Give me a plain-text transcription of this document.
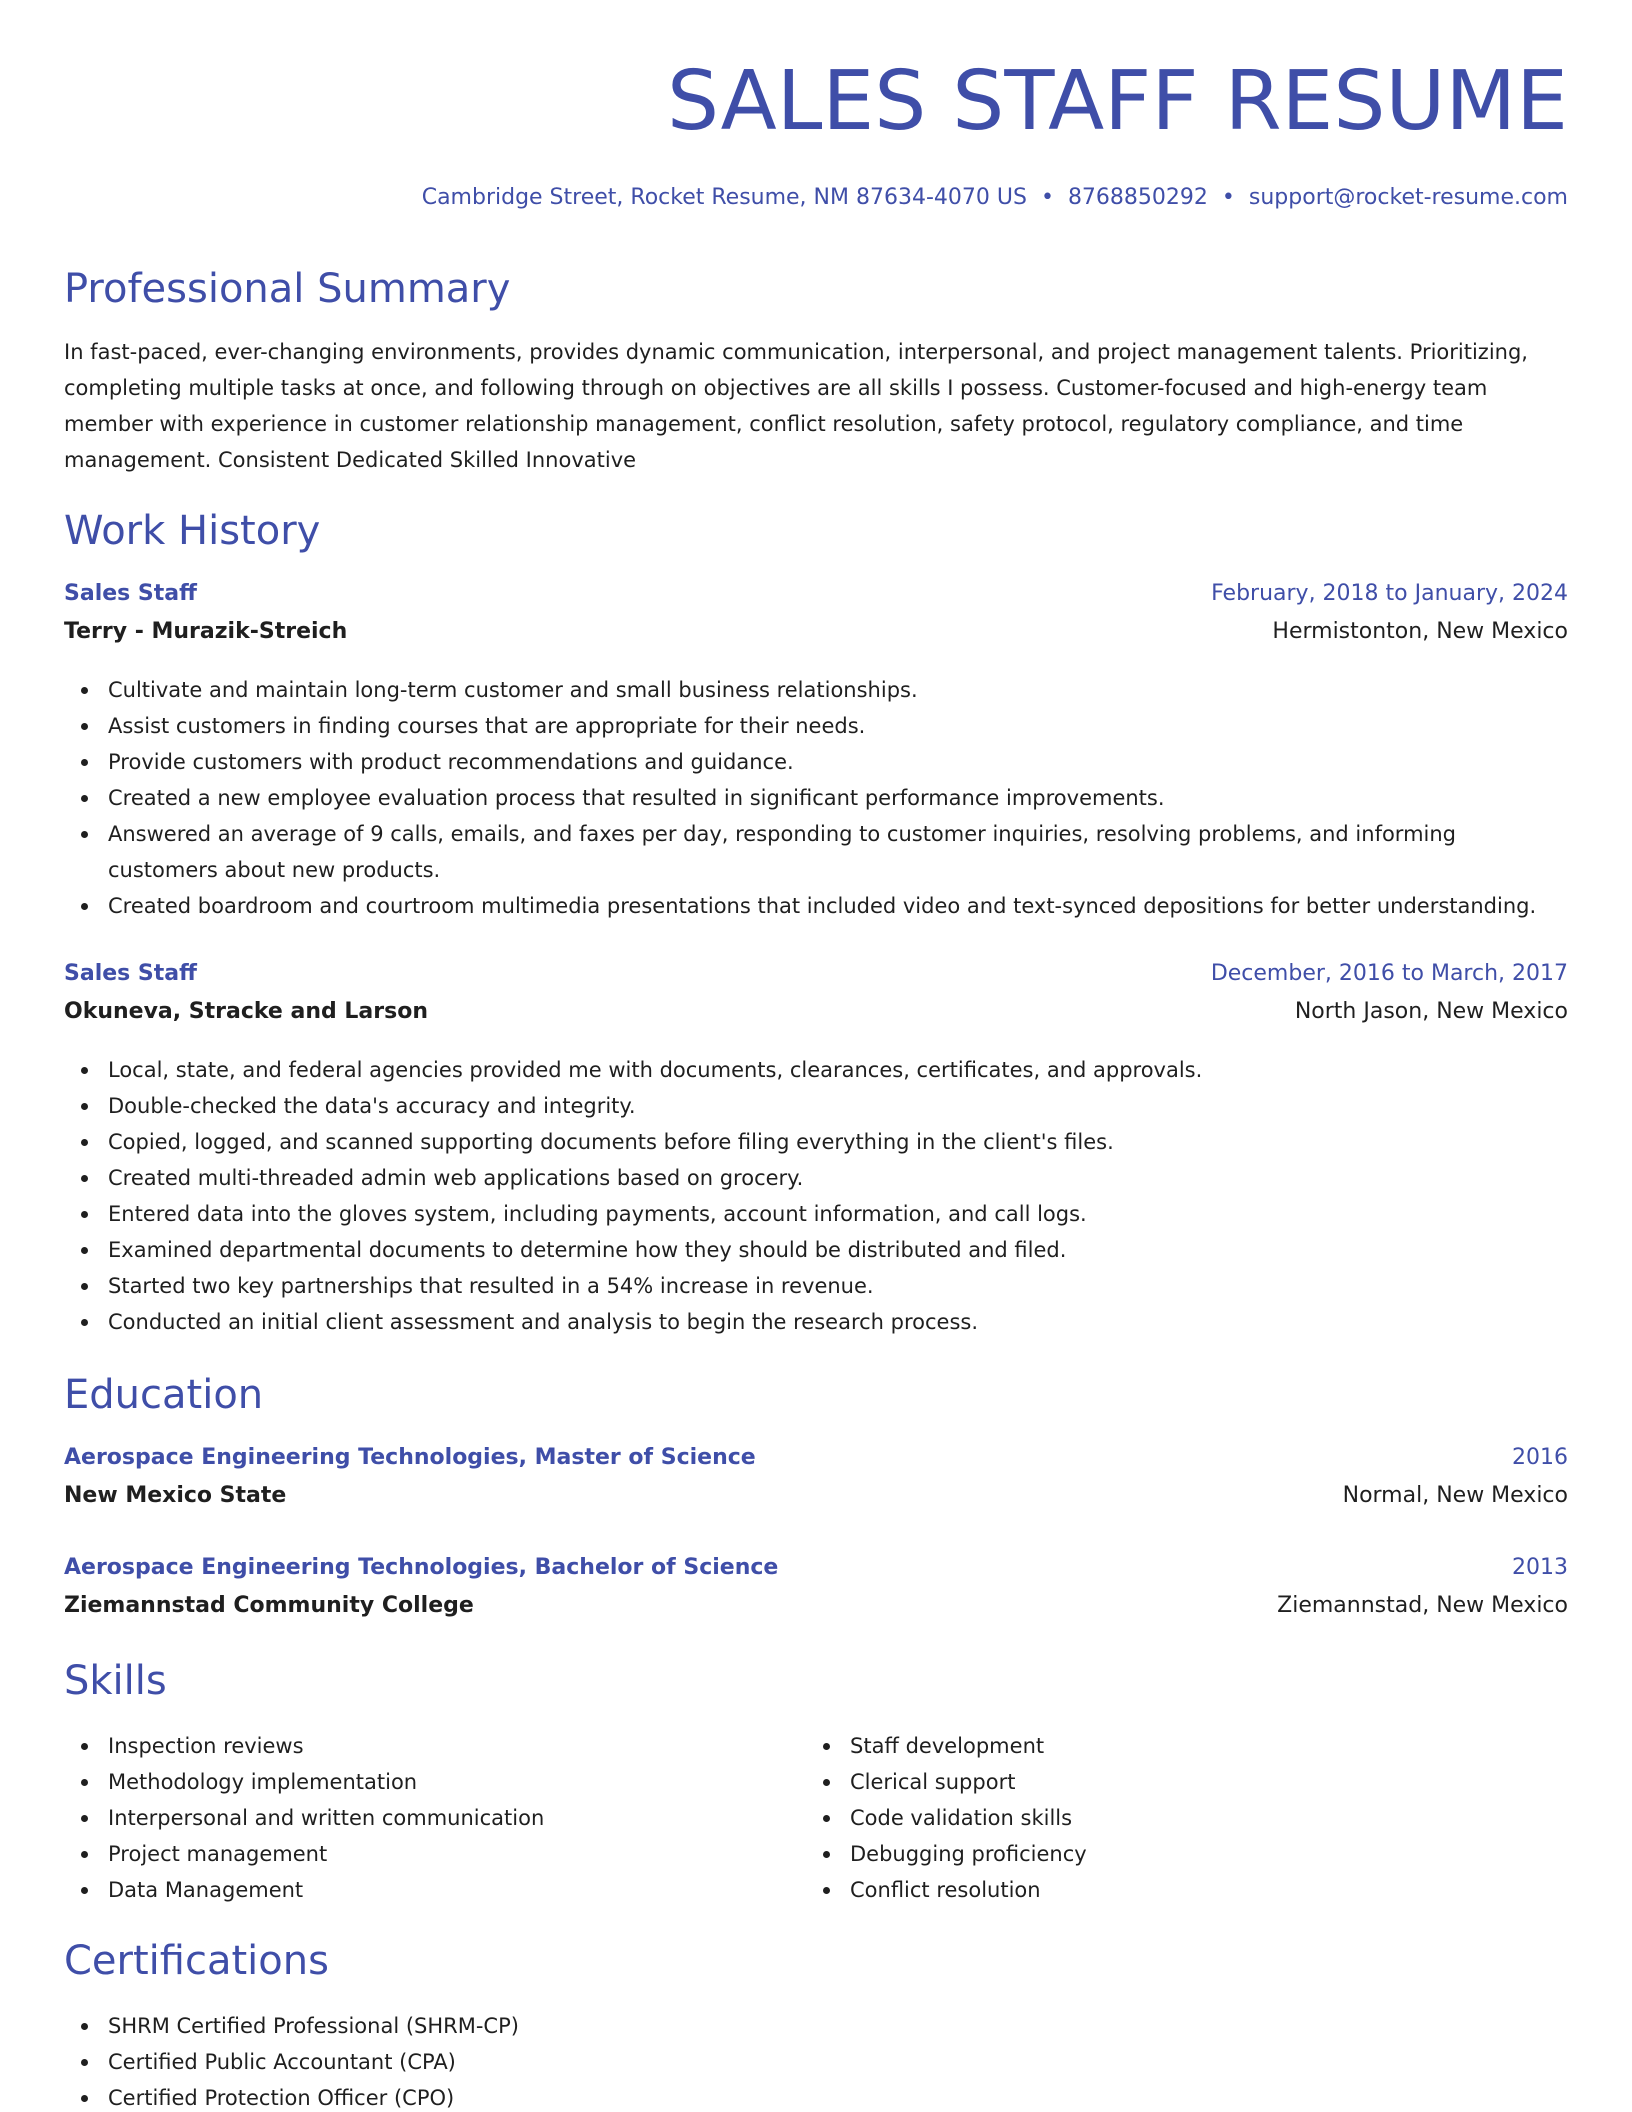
SALES STAFF RESUME
Cambridge Street, Rocket Resume, NM 87634-4070 US • 8768850292 • support@rocket-resume.com
Professional Summary

In fast-paced, ever-changing environments, provides dynamic communication, interpersonal, and project management talents. Prioritizing, completing multiple tasks at once, and following through on objectives are all skills I possess. Customer-focused and high-energy team member with experience in customer relationship management, conflict resolution, safety protocol, regulatory compliance, and time management. Consistent Dedicated Skilled Innovative

Work History
Sales Staff	February, 2018 to January, 2024
Terry - Murazik-Streich	Hermistonton, New Mexico
Cultivate and maintain long-term customer and small business relationships.
Assist customers in finding courses that are appropriate for their needs.
Provide customers with product recommendations and guidance.
Created a new employee evaluation process that resulted in significant performance improvements.
Answered an average of 9 calls, emails, and faxes per day, responding to customer inquiries, resolving problems, and informing customers about new products.
Created boardroom and courtroom multimedia presentations that included video and text-synced depositions for better understanding.
Sales Staff	December, 2016 to March, 2017
Okuneva, Stracke and Larson	North Jason, New Mexico
Local, state, and federal agencies provided me with documents, clearances, certificates, and approvals.
Double-checked the data's accuracy and integrity.
Copied, logged, and scanned supporting documents before filing everything in the client's files.
Created multi-threaded admin web applications based on grocery.
Entered data into the gloves system, including payments, account information, and call logs.
Examined departmental documents to determine how they should be distributed and filed.
Started two key partnerships that resulted in a 54% increase in revenue.
Conducted an initial client assessment and analysis to begin the research process.
Education
Aerospace Engineering Technologies, Master of Science	2016
New Mexico State	Normal, New Mexico
Aerospace Engineering Technologies, Bachelor of Science	2013
Ziemannstad Community College	Ziemannstad, New Mexico
Skills
Inspection reviews
Methodology implementation
Interpersonal and written communication
Project management
Data Management
Staff development
Clerical support
Code validation skills
Debugging proficiency
Conflict resolution
Certifications
SHRM Certified Professional (SHRM-CP)
Certified Public Accountant (CPA)
Certified Protection Officer (CPO)
